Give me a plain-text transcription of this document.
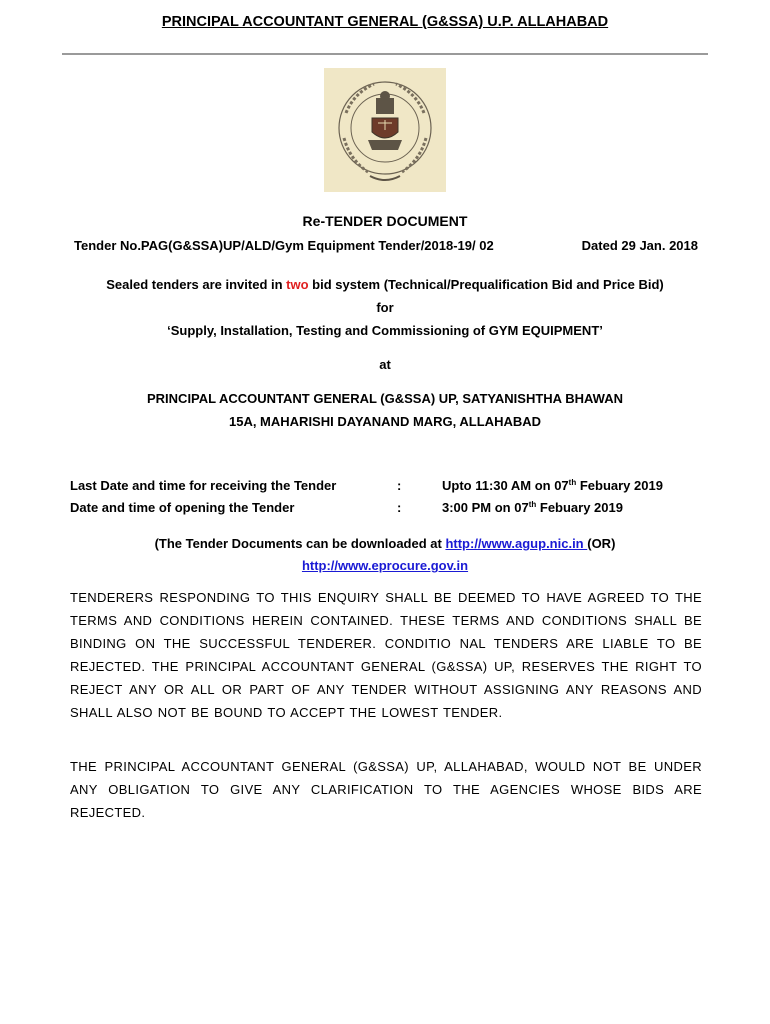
PRINCIPAL ACCOUNTANT GENERAL (G&SSA) U.P. ALLAHABAD
Re-TENDER DOCUMENT
Tender No.PAG(G&SSA)UP/ALD/Gym Equipment Tender/2018-19/ 02	Dated 29 Jan. 2018
Sealed tenders are invited in two bid system (Technical/Prequalification Bid and Price Bid)
for
‘Supply, Installation, Testing and Commissioning of GYM EQUIPMENT’
at
PRINCIPAL ACCOUNTANT GENERAL (G&SSA) UP, SATYANISHTHA BHAWAN
15A, MAHARISHI DAYANAND MARG, ALLAHABAD
Last Date and time for receiving the Tender	:	Upto 11:30 AM on 07th Febuary 2019
Date and time of opening the Tender	:	3:00 PM on 07th Febuary 2019
(The Tender Documents can be downloaded at http://www.agup.nic.in (OR)
http://www.eprocure.gov.in
TENDERERS RESPONDING TO THIS ENQUIRY SHALL BE DEEMED TO HAVE AGREED TO THE TERMS AND CONDITIONS HEREIN CONTAINED. THESE TERMS AND CONDITIONS SHALL BE BINDING ON THE SUCCESSFUL TENDERER. CONDITIO NAL TENDERS ARE LIABLE TO BE REJECTED. THE PRINCIPAL ACCOUNTANT GENERAL (G&SSA) UP, RESERVES THE RIGHT TO REJECT ANY OR ALL OR PART OF ANY TENDER WITHOUT ASSIGNING ANY REASONS AND SHALL ALSO NOT BE BOUND TO ACCEPT THE LOWEST TENDER.
THE PRINCIPAL ACCOUNTANT GENERAL (G&SSA) UP, ALLAHABAD, WOULD NOT BE UNDER ANY OBLIGATION TO GIVE ANY CLARIFICATION TO THE AGENCIES WHOSE BIDS ARE REJECTED.
